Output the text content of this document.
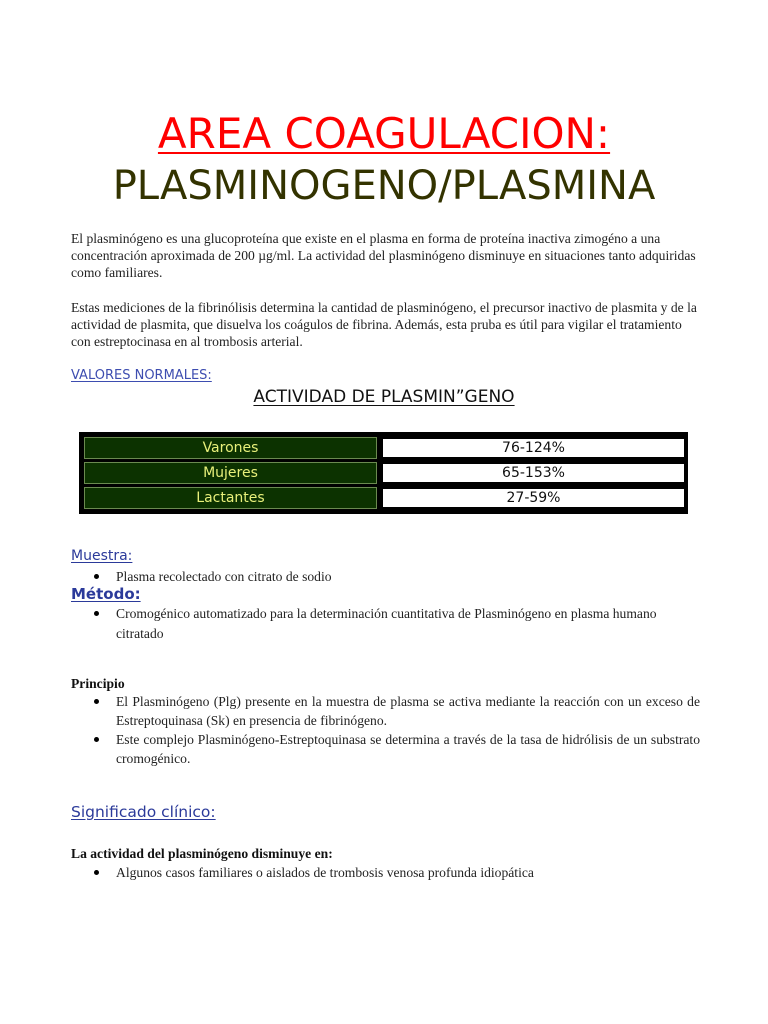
AREA COAGULACION:
PLASMINOGENO/PLASMINA
El plasminógeno es una glucoproteína que existe en el plasma en forma de proteína inactiva zimogéno a una concentración aproximada de 200 µg/ml. La actividad del plasminógeno disminuye en situaciones tanto adquiridas como familiares.
Estas mediciones de la fibrinólisis determina la cantidad de plasminógeno, el precursor inactivo de plasmita y de la actividad de plasmita, que disuelva los coágulos de fibrina. Además, esta pruba es útil para vigilar el tratamiento con estreptocinasa en al trombosis arterial.
VALORES NORMALES:
ACTIVIDAD DE PLASMIN”GENO
Varones	76-124%
Mujeres	65-153%
Lactantes	27-59%
Muestra:
Plasma recolectado con citrato de sodio
Método:
Cromogénico automatizado para la determinación cuantitativa de Plasminógeno en plasma humano citratado
Principio
El Plasminógeno (Plg) presente en la muestra de plasma se activa mediante la reacción con un exceso de Estreptoquinasa (Sk) en presencia de fibrinógeno.
Este complejo Plasminógeno-Estreptoquinasa se determina a través de la tasa de hidrólisis de un substrato cromogénico.
Significado clínico:
La actividad del plasminógeno disminuye en:
Algunos casos familiares o aislados de trombosis venosa profunda idiopática
